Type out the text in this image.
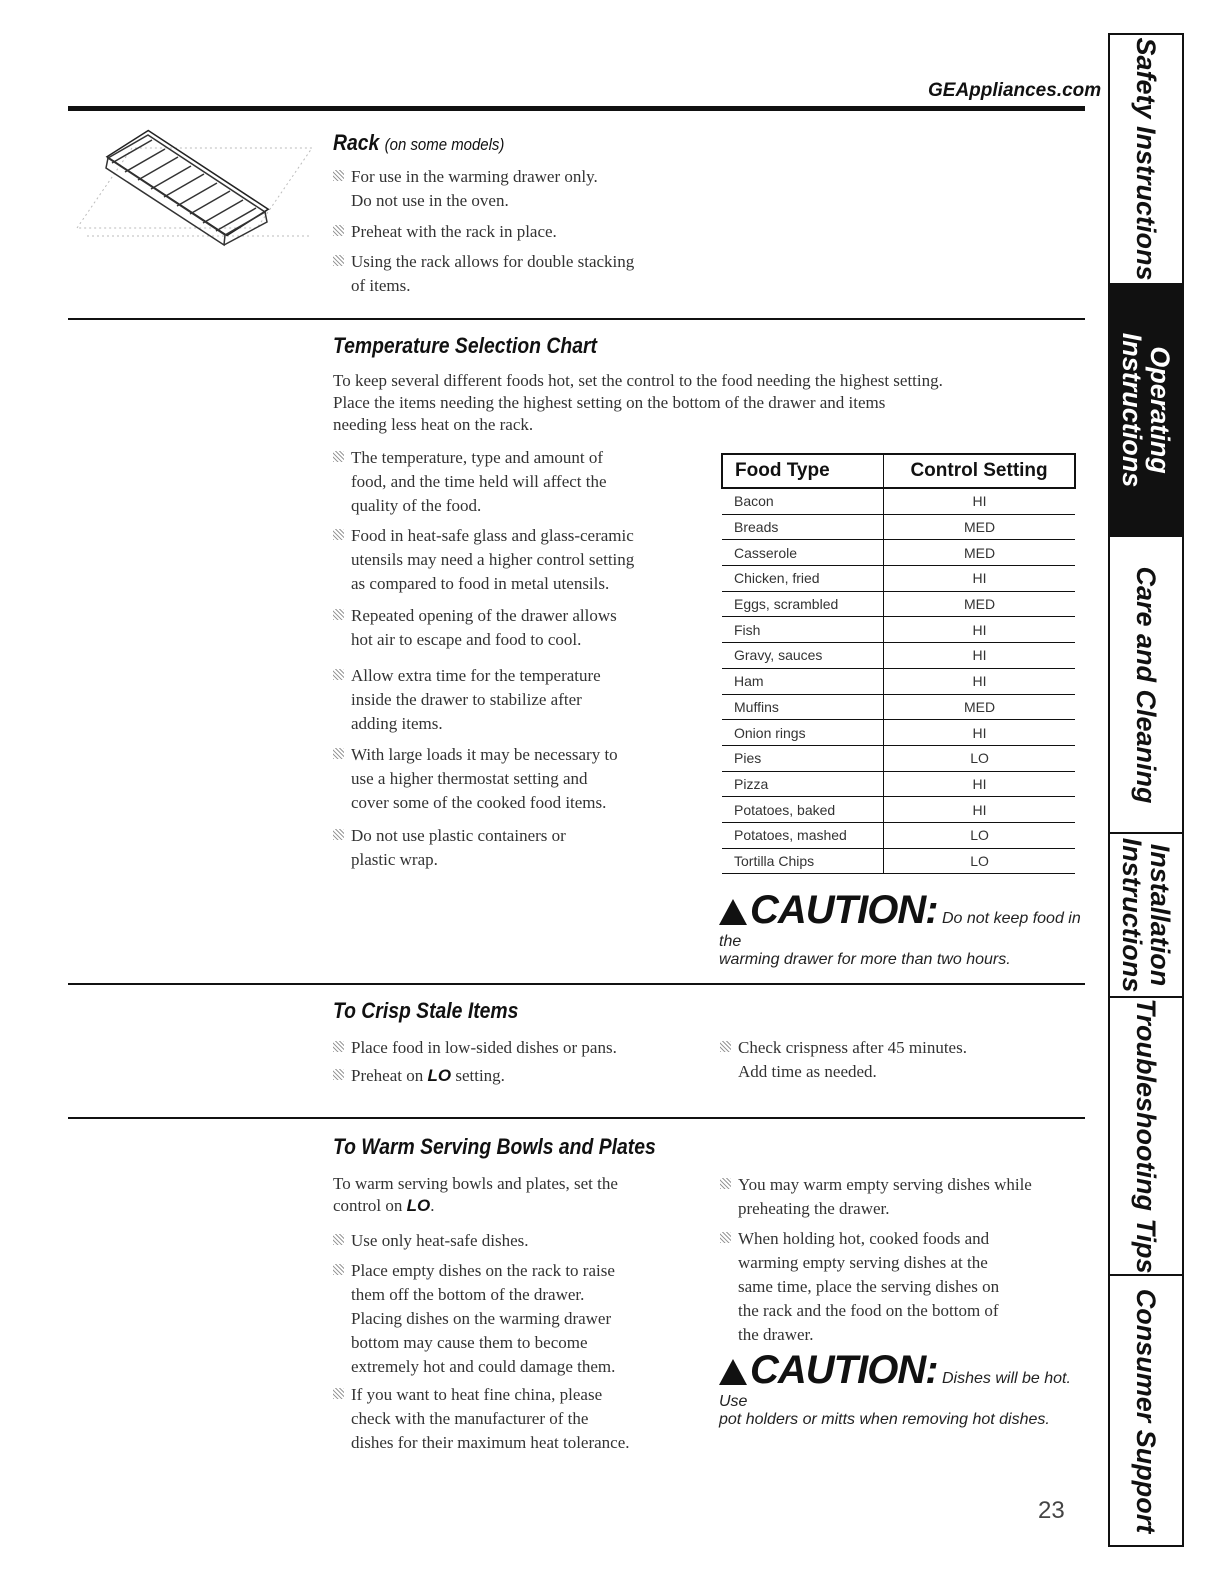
GEAppliances.com
Rack (on some models)
For use in the warming drawer only.
Do not use in the oven.
Preheat with the rack in place.
Using the rack allows for double stacking
of items.
Temperature Selection Chart
To keep several different foods hot, set the control to the food needing the highest setting.
Place the items needing the highest setting on the bottom of the drawer and items
needing less heat on the rack.
The temperature, type and amount of
food, and the time held will affect the
quality of the food.
Food in heat-safe glass and glass-ceramic
utensils may need a higher control setting
as compared to food in metal utensils.
Repeated opening of the drawer allows
hot air to escape and food to cool.
Allow extra time for the temperature
inside the drawer to stabilize after
adding items.
With large loads it may be necessary to
use a higher thermostat setting and
cover some of the cooked food items.
Do not use plastic containers or
plastic wrap.
Food Type	Control Setting
Bacon	HI
Breads	MED
Casserole	MED
Chicken, fried	HI
Eggs, scrambled	MED
Fish	HI
Gravy, sauces	HI
Ham	HI
Muffins	MED
Onion rings	HI
Pies	LO
Pizza	HI
Potatoes, baked	HI
Potatoes, mashed	LO
Tortilla Chips	LO
CAUTION: Do not keep food in the
warming drawer for more than two hours.
To Crisp Stale Items
Place food in low-sided dishes or pans.
Preheat on LO setting.
Check crispness after 45 minutes.
Add time as needed.
To Warm Serving Bowls and Plates
To warm serving bowls and plates, set the
control on LO.
Use only heat-safe dishes.
Place empty dishes on the rack to raise
them off the bottom of the drawer.
Placing dishes on the warming drawer
bottom may cause them to become
extremely hot and could damage them.
If you want to heat fine china, please
check with the manufacturer of the
dishes for their maximum heat tolerance.
You may warm empty serving dishes while
preheating the drawer.
When holding hot, cooked foods and
warming empty serving dishes at the
same time, place the serving dishes on
the rack and the food on the bottom of
the drawer.
CAUTION: Dishes will be hot. Use
pot holders or mitts when removing hot dishes.
Safety Instructions
Operating
Instructions
Care and Cleaning
Installation
Instructions
Troubleshooting Tips
Consumer Support
23
